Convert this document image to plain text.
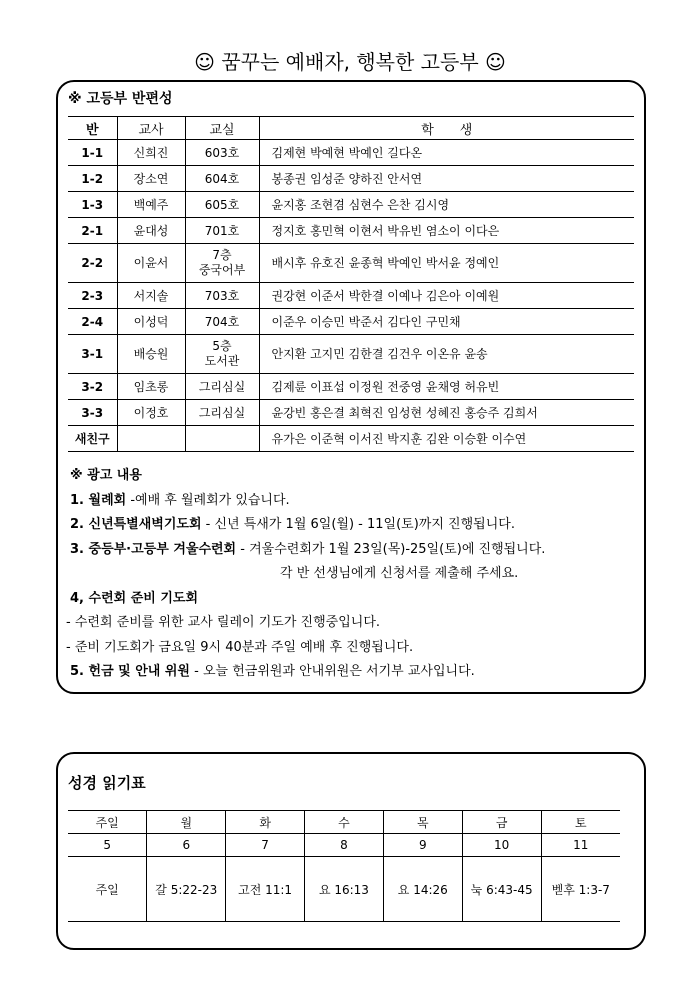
☺ 꿈꾸는 예배자, 행복한 고등부 ☺
※ 고등부 반편성
반	교사	교실	학　　생
1-1	신희진	603호	김제현 박예현 박예인 길다온
1-2	장소연	604호	봉종권 임성준 양하진 안서연
1-3	백예주	605호	윤지홍 조현겸 심현수 은찬 김시영
2-1	윤대성	701호	정지호 홍민혁 이현서 박유빈 염소이 이다은
2-2	이윤서	7층
중국어부	배시후 유호진 윤종혁 박예인 박서윤 정예인
2-3	서지솔	703호	권강현 이준서 박한결 이예나 김은아 이예원
2-4	이성덕	704호	이준우 이승민 박준서 김다인 구민채
3-1	배승원	5층
도서관	안지환 고지민 김한결 김건우 이온유 윤송
3-2	임초롱	그리심실	김제륜 이표섭 이정원 전중영 윤채영 허유빈
3-3	이정호	그리심실	윤강빈 홍은결 최혁진 임성현 성혜진 홍승주 김희서
새친구			유가은 이준혁 이서진 박지훈 김완 이승환 이수연
※ 광고 내용
1. 월례회 -예배 후 월례회가 있습니다.
2. 신년특별새벽기도회 - 신년 특새가 1월 6일(월) - 11일(토)까지 진행됩니다.
3. 중등부·고등부 겨울수련회 - 겨울수련회가 1월 23일(목)-25일(토)에 진행됩니다.
각 반 선생님에게 신청서를 제출해 주세요.
4, 수련회 준비 기도회
- 수련회 준비를 위한 교사 릴레이 기도가 진행중입니다.
- 준비 기도회가 금요일 9시 40분과 주일 예배 후 진행됩니다.
5. 헌금 및 안내 위원 - 오늘 헌금위원과 안내위원은 서기부 교사입니다.
성경 읽기표
주일	월	화	수	목	금	토
5	6	7	8	9	10	11
주일	갈 5:22-23	고전 11:1	요 16:13	요 14:26	눅 6:43-45	벧후 1:3-7
